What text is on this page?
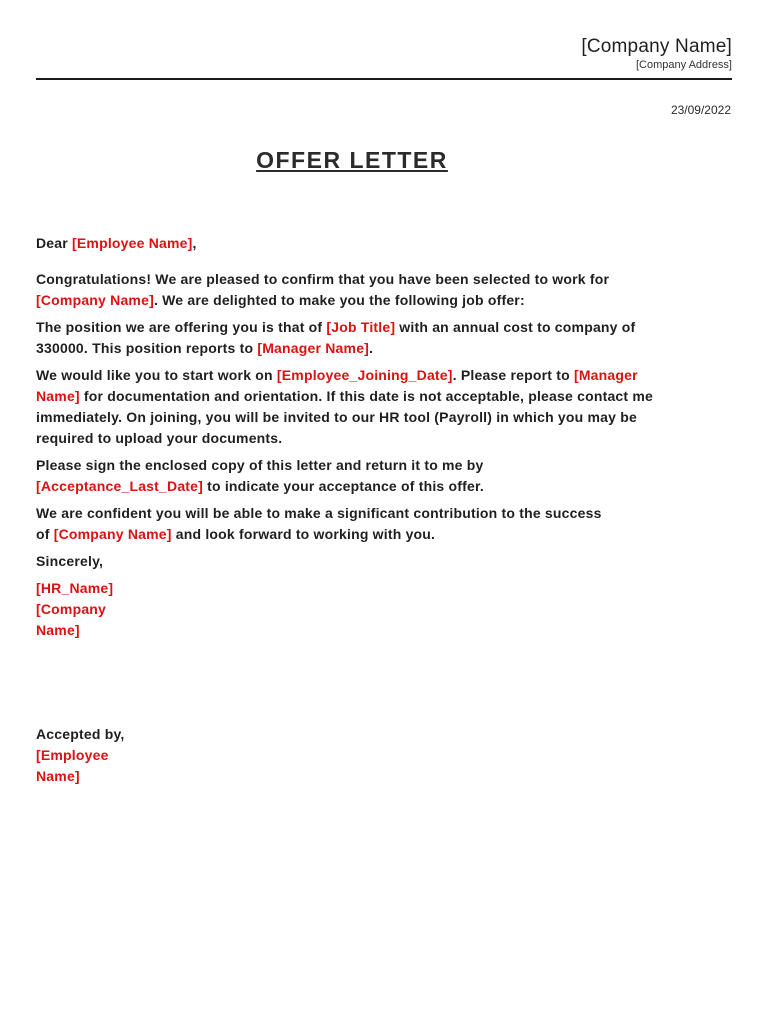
[Company Name]
[Company Address]
23/09/2022
OFFER LETTER

Dear [Employee Name],

Congratulations! We are pleased to confirm that you have been selected to work for
[Company Name]. We are delighted to make you the following job offer:

The position we are offering you is that of [Job Title] with an annual cost to company of
330000. This position reports to [Manager Name].

We would like you to start work on [Employee_Joining_Date]. Please report to [Manager
Name] for documentation and orientation. If this date is not acceptable, please contact me
immediately. On joining, you will be invited to our HR tool (Payroll) in which you may be
required to upload your documents.

Please sign the enclosed copy of this letter and return it to me by
[Acceptance_Last_Date] to indicate your acceptance of this offer.

We are confident you will be able to make a significant contribution to the success
of [Company Name] and look forward to working with you.

Sincerely,

[HR_Name]
[Company
Name]
Accepted by,
[Employee
Name]
